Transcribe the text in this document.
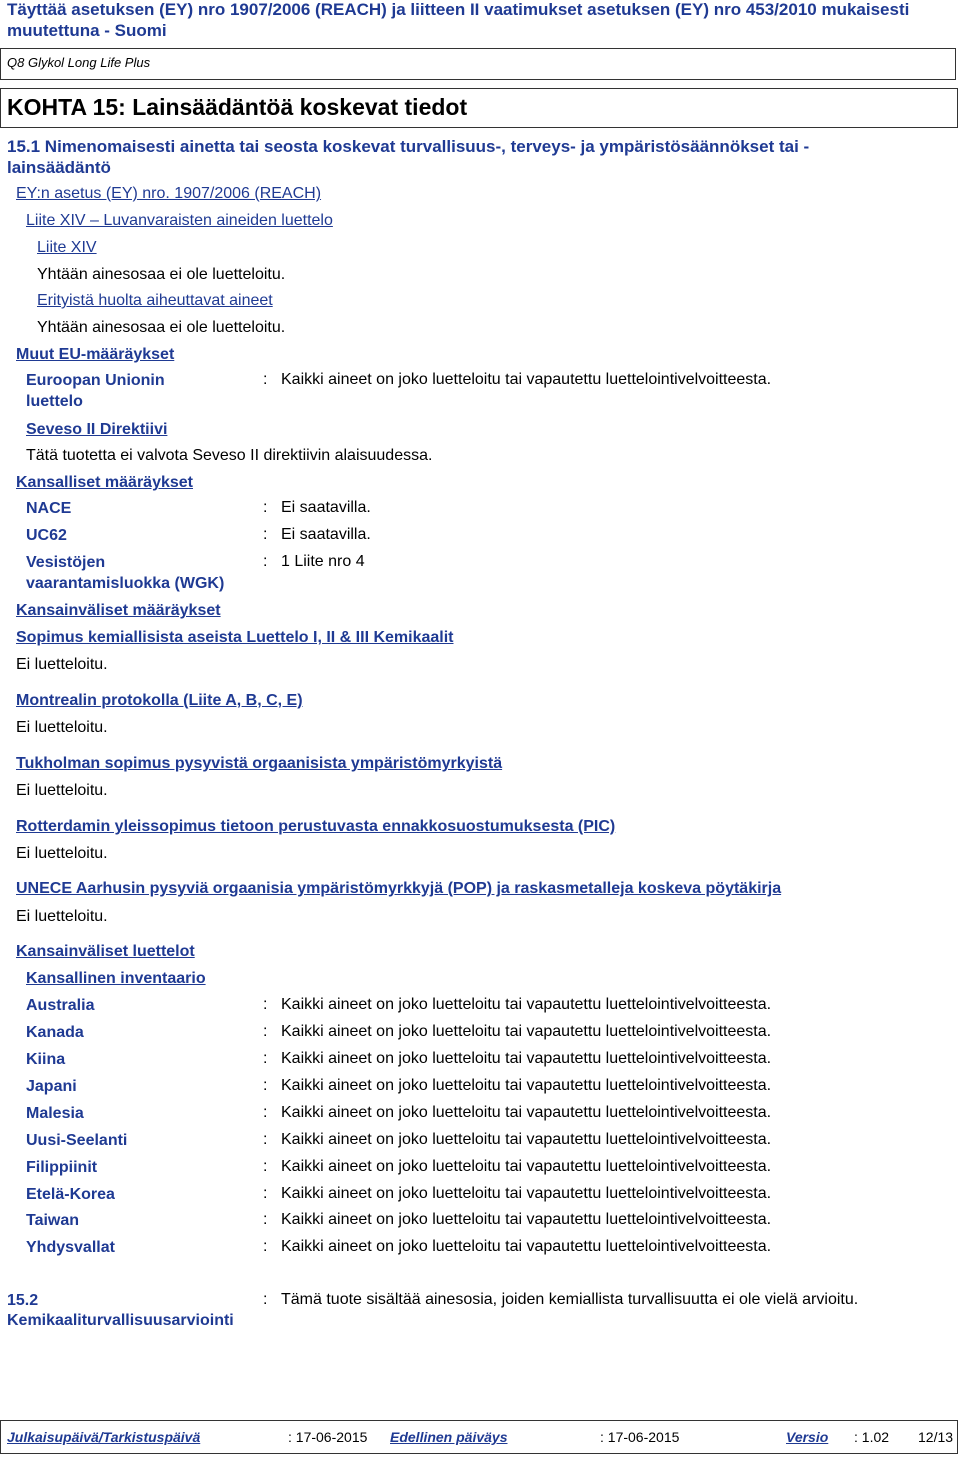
Täyttää asetuksen (EY) nro 1907/2006 (REACH) ja liitteen II vaatimukset asetuksen (EY) nro 453/2010 mukaisesti
muutettuna - Suomi
Q8 Glykol Long Life Plus
KOHTA 15: Lainsäädäntöä koskevat tiedot
15.1 Nimenomaisesti ainetta tai seosta koskevat turvallisuus-, terveys- ja ympäristösäännökset tai -
lainsäädäntö
EY:n asetus (EY) nro. 1907/2006 (REACH)
Liite XIV – Luvanvaraisten aineiden luettelo
Liite XIV
Yhtään ainesosaa ei ole luetteloitu.
Erityistä huolta aiheuttavat aineet
Yhtään ainesosaa ei ole luetteloitu.
Muut EU-määräykset
Euroopan Unionin
luettelo
: Kaikki aineet on joko luetteloitu tai vapautettu luettelointivelvoitteesta.
Seveso II Direktiivi
Tätä tuotetta ei valvota Seveso II direktiivin alaisuudessa.
Kansalliset määräykset
NACE	: Ei saatavilla.
UC62	: Ei saatavilla.
Vesistöjen
vaarantamisluokka (WGK)
: 1 Liite nro 4
Kansainväliset määräykset
Sopimus kemiallisista aseista Luettelo I, II & III Kemikaalit
Ei luetteloitu.
Montrealin protokolla (Liite A, B, C, E)
Ei luetteloitu.
Tukholman sopimus pysyvistä orgaanisista ympäristömyrkyistä
Ei luetteloitu.
Rotterdamin yleissopimus tietoon perustuvasta ennakkosuostumuksesta (PIC)
Ei luetteloitu.
UNECE Aarhusin pysyviä orgaanisia ympäristömyrkkyjä (POP) ja raskasmetalleja koskeva pöytäkirja
Ei luetteloitu.
Kansainväliset luettelot
Kansallinen inventaario
Australia	: Kaikki aineet on joko luetteloitu tai vapautettu luettelointivelvoitteesta.
Kanada	: Kaikki aineet on joko luetteloitu tai vapautettu luettelointivelvoitteesta.
Kiina	: Kaikki aineet on joko luetteloitu tai vapautettu luettelointivelvoitteesta.
Japani	: Kaikki aineet on joko luetteloitu tai vapautettu luettelointivelvoitteesta.
Malesia	: Kaikki aineet on joko luetteloitu tai vapautettu luettelointivelvoitteesta.
Uusi-Seelanti	: Kaikki aineet on joko luetteloitu tai vapautettu luettelointivelvoitteesta.
Filippiinit	: Kaikki aineet on joko luetteloitu tai vapautettu luettelointivelvoitteesta.
Etelä-Korea	: Kaikki aineet on joko luetteloitu tai vapautettu luettelointivelvoitteesta.
Taiwan	: Kaikki aineet on joko luetteloitu tai vapautettu luettelointivelvoitteesta.
Yhdysvallat	: Kaikki aineet on joko luetteloitu tai vapautettu luettelointivelvoitteesta.
15.2
Kemikaaliturvallisuusarviointi
: Tämä tuote sisältää ainesosia, joiden kemiallista turvallisuutta ei ole vielä arvioitu.
Julkaisupäivä/Tarkistuspäivä	: 17-06-2015 Edellinen päiväys	: 17-06-2015	Versio : 1.02 12/13
